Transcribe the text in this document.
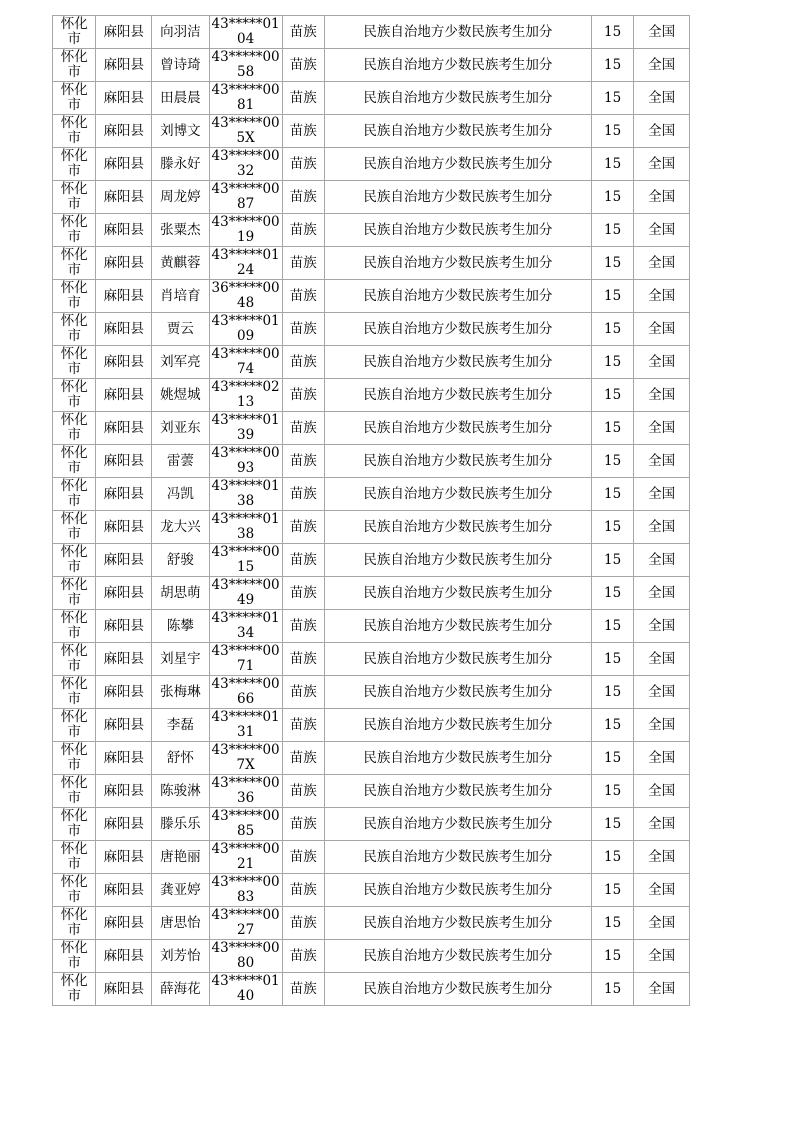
怀化市	麻阳县	向羽洁	43*****0104	苗族	民族自治地方少数民族考生加分	15	全国

怀化市	麻阳县	曾诗琦	43*****0058	苗族	民族自治地方少数民族考生加分	15	全国

怀化市	麻阳县	田晨晨	43*****0081	苗族	民族自治地方少数民族考生加分	15	全国

怀化市	麻阳县	刘博文	43*****005X	苗族	民族自治地方少数民族考生加分	15	全国

怀化市	麻阳县	滕永好	43*****0032	苗族	民族自治地方少数民族考生加分	15	全国

怀化市	麻阳县	周龙婷	43*****0087	苗族	民族自治地方少数民族考生加分	15	全国

怀化市	麻阳县	张粟杰	43*****0019	苗族	民族自治地方少数民族考生加分	15	全国

怀化市	麻阳县	黄麒蓉	43*****0124	苗族	民族自治地方少数民族考生加分	15	全国

怀化市	麻阳县	肖培育	36*****0048	苗族	民族自治地方少数民族考生加分	15	全国

怀化市	麻阳县	贾云	43*****0109	苗族	民族自治地方少数民族考生加分	15	全国

怀化市	麻阳县	刘军亮	43*****0074	苗族	民族自治地方少数民族考生加分	15	全国

怀化市	麻阳县	姚煜城	43*****0213	苗族	民族自治地方少数民族考生加分	15	全国

怀化市	麻阳县	刘亚东	43*****0139	苗族	民族自治地方少数民族考生加分	15	全国

怀化市	麻阳县	雷蕓	43*****0093	苗族	民族自治地方少数民族考生加分	15	全国

怀化市	麻阳县	冯凯	43*****0138	苗族	民族自治地方少数民族考生加分	15	全国

怀化市	麻阳县	龙大兴	43*****0138	苗族	民族自治地方少数民族考生加分	15	全国

怀化市	麻阳县	舒骏	43*****0015	苗族	民族自治地方少数民族考生加分	15	全国

怀化市	麻阳县	胡思萌	43*****0049	苗族	民族自治地方少数民族考生加分	15	全国

怀化市	麻阳县	陈攀	43*****0134	苗族	民族自治地方少数民族考生加分	15	全国

怀化市	麻阳县	刘星宇	43*****0071	苗族	民族自治地方少数民族考生加分	15	全国

怀化市	麻阳县	张梅琳	43*****0066	苗族	民族自治地方少数民族考生加分	15	全国

怀化市	麻阳县	李磊	43*****0131	苗族	民族自治地方少数民族考生加分	15	全国

怀化市	麻阳县	舒怀	43*****007X	苗族	民族自治地方少数民族考生加分	15	全国

怀化市	麻阳县	陈骏淋	43*****0036	苗族	民族自治地方少数民族考生加分	15	全国

怀化市	麻阳县	滕乐乐	43*****0085	苗族	民族自治地方少数民族考生加分	15	全国

怀化市	麻阳县	唐艳丽	43*****0021	苗族	民族自治地方少数民族考生加分	15	全国

怀化市	麻阳县	龚亚婷	43*****0083	苗族	民族自治地方少数民族考生加分	15	全国

怀化市	麻阳县	唐思怡	43*****0027	苗族	民族自治地方少数民族考生加分	15	全国

怀化市	麻阳县	刘芳怡	43*****0080	苗族	民族自治地方少数民族考生加分	15	全国

怀化市	麻阳县	薛海花	43*****0140	苗族	民族自治地方少数民族考生加分	15	全国
